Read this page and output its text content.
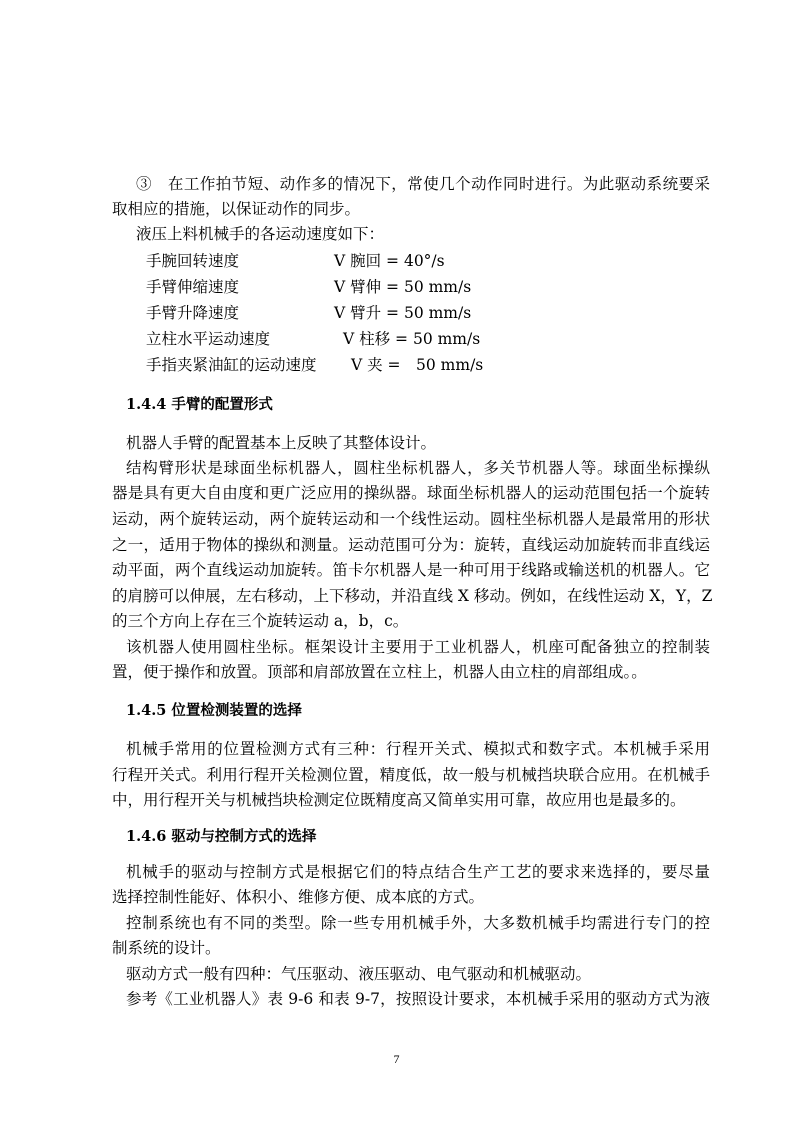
③　在工作拍节短、动作多的情况下，常使几个动作同时进行。为此驱动系统要采
取相应的措施，以保证动作的同步。
液压上料机械手的各运动速度如下：
手腕回转速度	V 腕回 = 40°/s
手臂伸缩速度	V 臂伸 = 50 mm/s
手臂升降速度	V 臂升 = 50 mm/s
立柱水平运动速度	V 柱移 = 50 mm/s
手指夹紧油缸的运动速度 V 夹 =　50 mm/s
1.4.4 手臂的配置形式
机器人手臂的配置基本上反映了其整体设计。
结构臂形状是球面坐标机器人，圆柱坐标机器人，多关节机器人等。球面坐标操纵
器是具有更大自由度和更广泛应用的操纵器。球面坐标机器人的运动范围包括一个旋转
运动，两个旋转运动，两个旋转运动和一个线性运动。圆柱坐标机器人是最常用的形状
之一，适用于物体的操纵和测量。运动范围可分为：旋转，直线运动加旋转而非直线运
动平面，两个直线运动加旋转。笛卡尔机器人是一种可用于线路或输送机的机器人。它
的肩膀可以伸展，左右移动，上下移动，并沿直线 X 移动。例如，在线性运动 X，Y，Z
的三个方向上存在三个旋转运动 a，b，c。
该机器人使用圆柱坐标。框架设计主要用于工业机器人，机座可配备独立的控制装
置，便于操作和放置。顶部和肩部放置在立柱上，机器人由立柱的肩部组成。。
1.4.5 位置检测装置的选择
机械手常用的位置检测方式有三种：行程开关式、模拟式和数字式。本机械手采用
行程开关式。利用行程开关检测位置，精度低，故一般与机械挡块联合应用。在机械手
中，用行程开关与机械挡块检测定位既精度高又简单实用可靠，故应用也是最多的。
1.4.6 驱动与控制方式的选择
机械手的驱动与控制方式是根据它们的特点结合生产工艺的要求来选择的，要尽量
选择控制性能好、体积小、维修方便、成本底的方式。
控制系统也有不同的类型。除一些专用机械手外，大多数机械手均需进行专门的控
制系统的设计。
驱动方式一般有四种：气压驱动、液压驱动、电气驱动和机械驱动。
参考《工业机器人》表 9-6 和表 9-7，按照设计要求，本机械手采用的驱动方式为液
7
